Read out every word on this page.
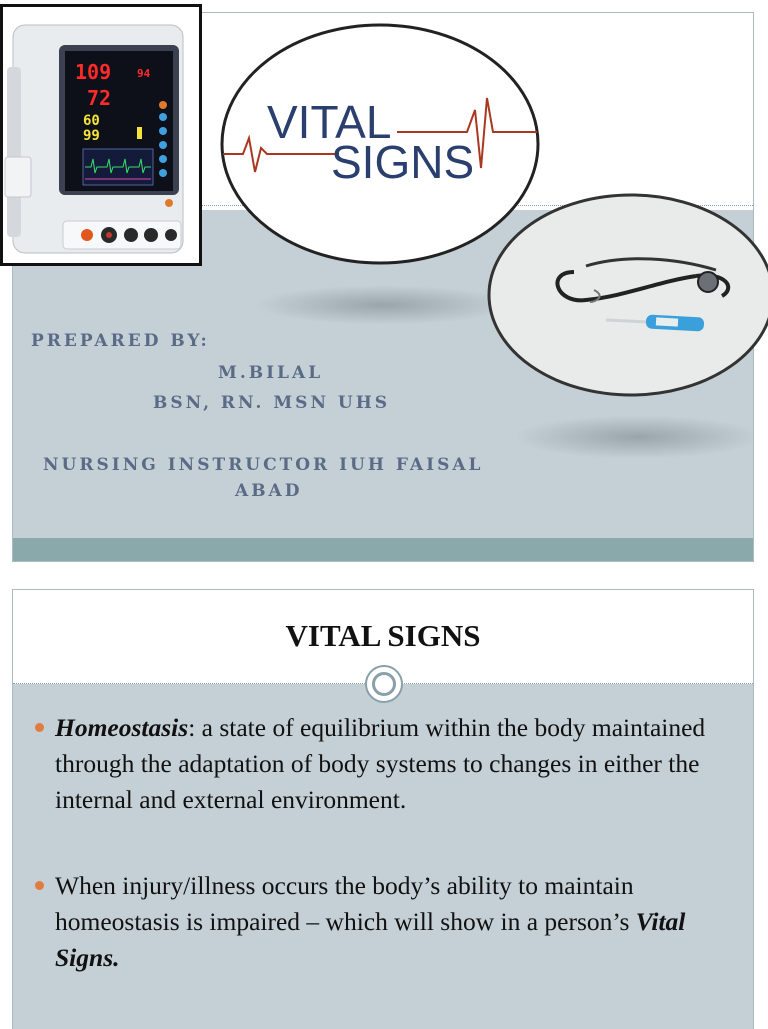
PREPARED BY:
M.BILAL
BSN, RN. MSN UHS
NURSING INSTRUCTOR IUH FAISAL
ABAD
109 94
72
60
99	VITAL
SIGNS
VITAL SIGNS
Homeostasis: a state of equilibrium within the body maintained through the adaptation of body systems to changes in either the internal and external environment.
When injury/illness occurs the body’s ability to maintain homeostasis is impaired – which will show in a person’s Vital Signs.
